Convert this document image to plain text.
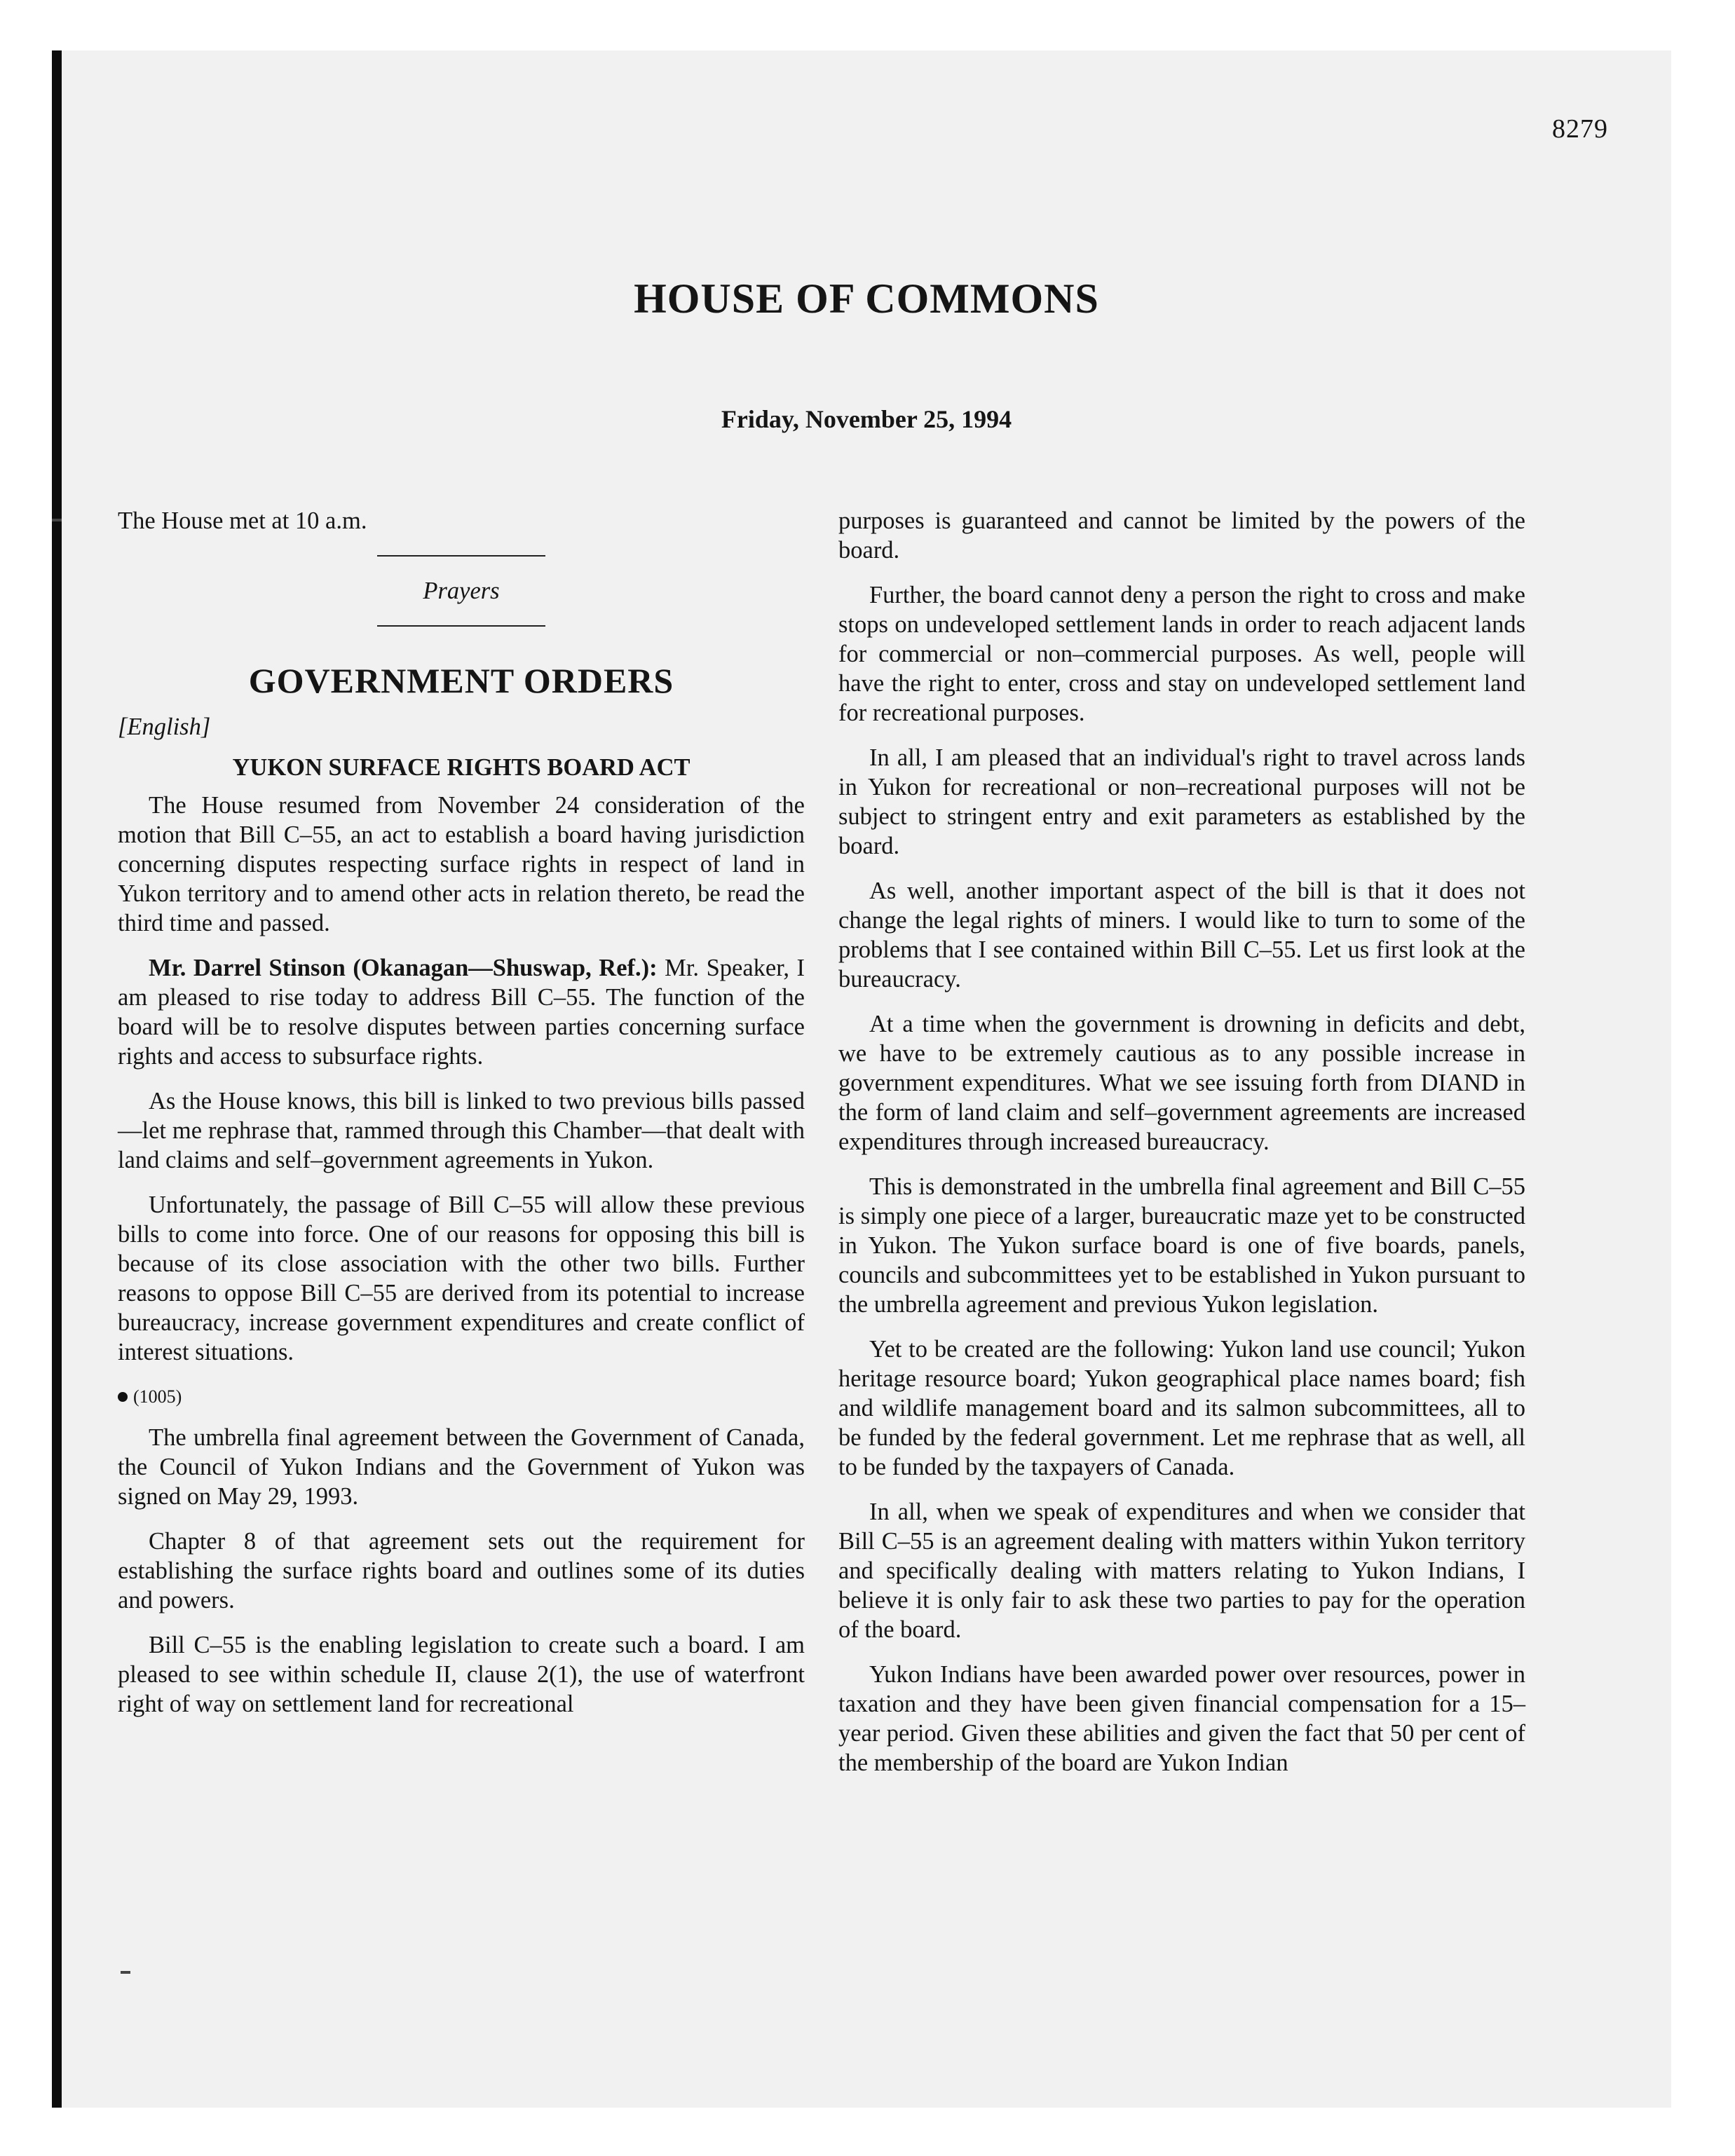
8279
HOUSE OF COMMONS
Friday, November 25, 1994

The House met at 10 a.m.

Prayers
GOVERNMENT ORDERS
[English]
YUKON SURFACE RIGHTS BOARD ACT

The House resumed from November 24 consideration of the motion that Bill C–55, an act to establish a board having jurisdiction concerning disputes respecting surface rights in respect of land in Yukon territory and to amend other acts in relation thereto, be read the third time and passed.

Mr. Darrel Stinson (Okanagan—Shuswap, Ref.): Mr. Speaker, I am pleased to rise today to address Bill C–55. The function of the board will be to resolve disputes between parties concerning surface rights and access to subsurface rights.

As the House knows, this bill is linked to two previous bills passed—let me rephrase that, rammed through this Chamber—that dealt with land claims and self–government agreements in Yukon.

Unfortunately, the passage of Bill C–55 will allow these previous bills to come into force. One of our reasons for opposing this bill is because of its close association with the other two bills. Further reasons to oppose Bill C–55 are derived from its potential to increase bureaucracy, increase government expenditures and create conflict of interest situations.

(1005)

The umbrella final agreement between the Government of Canada, the Council of Yukon Indians and the Government of Yukon was signed on May 29, 1993.

Chapter 8 of that agreement sets out the requirement for establishing the surface rights board and outlines some of its duties and powers.

Bill C–55 is the enabling legislation to create such a board. I am pleased to see within schedule II, clause 2(1), the use of waterfront right of way on settlement land for recreational

purposes is guaranteed and cannot be limited by the powers of the board.

Further, the board cannot deny a person the right to cross and make stops on undeveloped settlement lands in order to reach adjacent lands for commercial or non–commercial purposes. As well, people will have the right to enter, cross and stay on undeveloped settlement land for recreational purposes.

In all, I am pleased that an individual's right to travel across lands in Yukon for recreational or non–recreational purposes will not be subject to stringent entry and exit parameters as established by the board.

As well, another important aspect of the bill is that it does not change the legal rights of miners. I would like to turn to some of the problems that I see contained within Bill C–55. Let us first look at the bureaucracy.

At a time when the government is drowning in deficits and debt, we have to be extremely cautious as to any possible increase in government expenditures. What we see issuing forth from DIAND in the form of land claim and self–government agreements are increased expenditures through increased bureaucracy.

This is demonstrated in the umbrella final agreement and Bill C–55 is simply one piece of a larger, bureaucratic maze yet to be constructed in Yukon. The Yukon surface board is one of five boards, panels, councils and subcommittees yet to be established in Yukon pursuant to the umbrella agreement and previous Yukon legislation.

Yet to be created are the following: Yukon land use council; Yukon heritage resource board; Yukon geographical place names board; fish and wildlife management board and its salmon subcommittees, all to be funded by the federal government. Let me rephrase that as well, all to be funded by the taxpayers of Canada.

In all, when we speak of expenditures and when we consider that Bill C–55 is an agreement dealing with matters within Yukon territory and specifically dealing with matters relating to Yukon Indians, I believe it is only fair to ask these two parties to pay for the operation of the board.

Yukon Indians have been awarded power over resources, power in taxation and they have been given financial compensation for a 15–year period. Given these abilities and given the fact that 50 per cent of the membership of the board are Yukon Indian
